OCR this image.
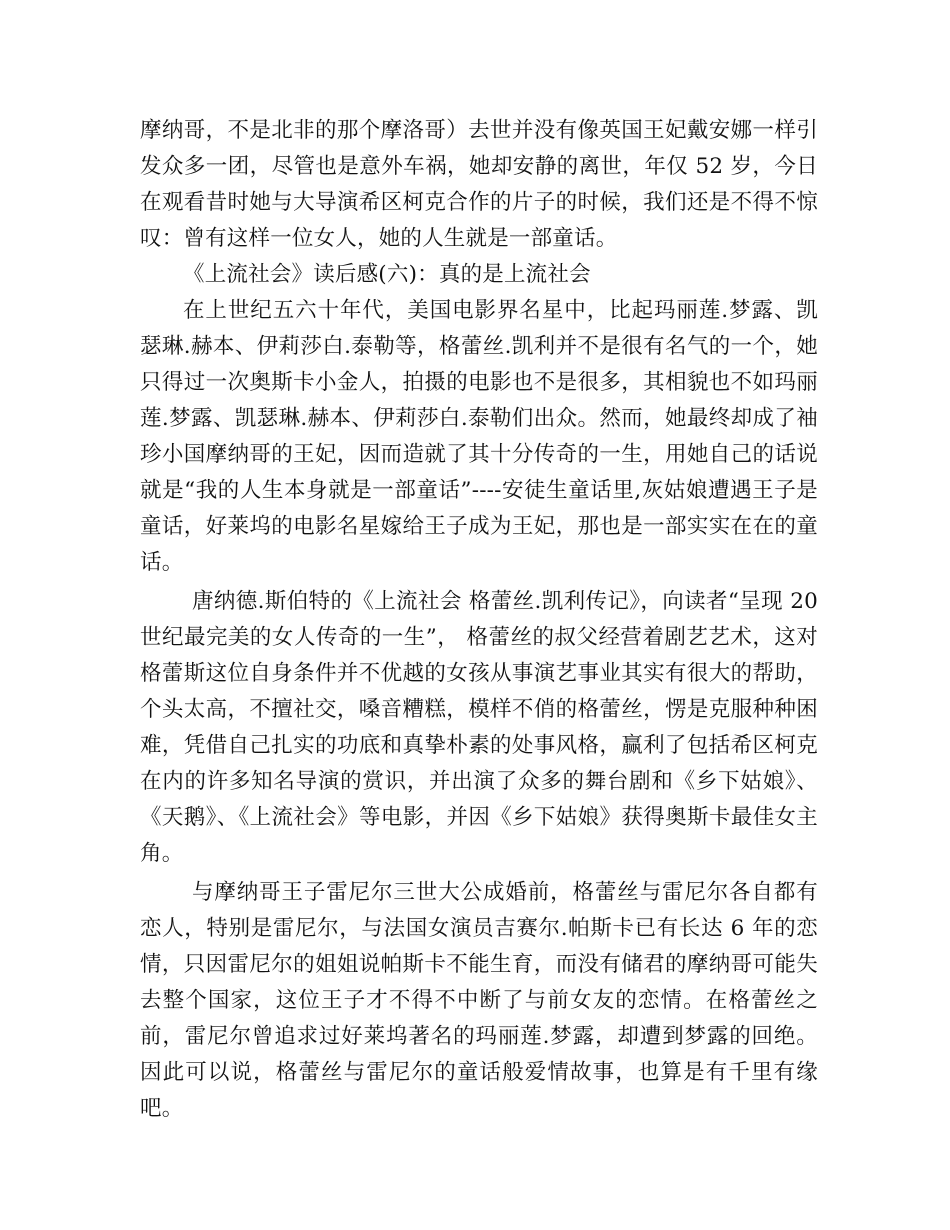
摩纳哥，不是北非的那个摩洛哥）去世并没有像英国王妃戴安娜一样引发众多一团，尽管也是意外车祸，她却安静的离世，年仅 52 岁，今日在观看昔时她与大导演希区柯克合作的片子的时候，我们还是不得不惊叹：曾有这样一位女人，她的人生就是一部童话。

《上流社会》读后感(六)：真的是上流社会

在上世纪五六十年代，美国电影界名星中，比起玛丽莲.梦露、凯瑟琳.赫本、伊莉莎白.泰勒等，格蕾丝.凯利并不是很有名气的一个，她只得过一次奥斯卡小金人，拍摄的电影也不是很多，其相貌也不如玛丽莲.梦露、凯瑟琳.赫本、伊莉莎白.泰勒们出众。然而，她最终却成了袖珍小国摩纳哥的王妃，因而造就了其十分传奇的一生，用她自己的话说就是“我的人生本身就是一部童话”----安徒生童话里,灰姑娘遭遇王子是童话，好莱坞的电影名星嫁给王子成为王妃，那也是一部实实在在的童话。

唐纳德.斯伯特的《上流社会 格蕾丝.凯利传记》，向读者“呈现 20 世纪最完美的女人传奇的一生”， 格蕾丝的叔父经营着剧艺艺术，这对格蕾斯这位自身条件并不优越的女孩从事演艺事业其实有很大的帮助，个头太高，不擅社交，嗓音糟糕，模样不俏的格蕾丝，愣是克服种种困难，凭借自己扎实的功底和真挚朴素的处事风格，赢利了包括希区柯克在内的许多知名导演的赏识，并出演了众多的舞台剧和《乡下姑娘》、《天鹅》、《上流社会》等电影，并因《乡下姑娘》获得奥斯卡最佳女主角。

与摩纳哥王子雷尼尔三世大公成婚前，格蕾丝与雷尼尔各自都有恋人，特别是雷尼尔，与法国女演员吉赛尔.帕斯卡已有长达 6 年的恋情，只因雷尼尔的姐姐说帕斯卡不能生育，而没有储君的摩纳哥可能失去整个国家，这位王子才不得不中断了与前女友的恋情。在格蕾丝之前，雷尼尔曾追求过好莱坞著名的玛丽莲.梦露，却遭到梦露的回绝。因此可以说，格蕾丝与雷尼尔的童话般爱情故事，也算是有千里有缘吧。
